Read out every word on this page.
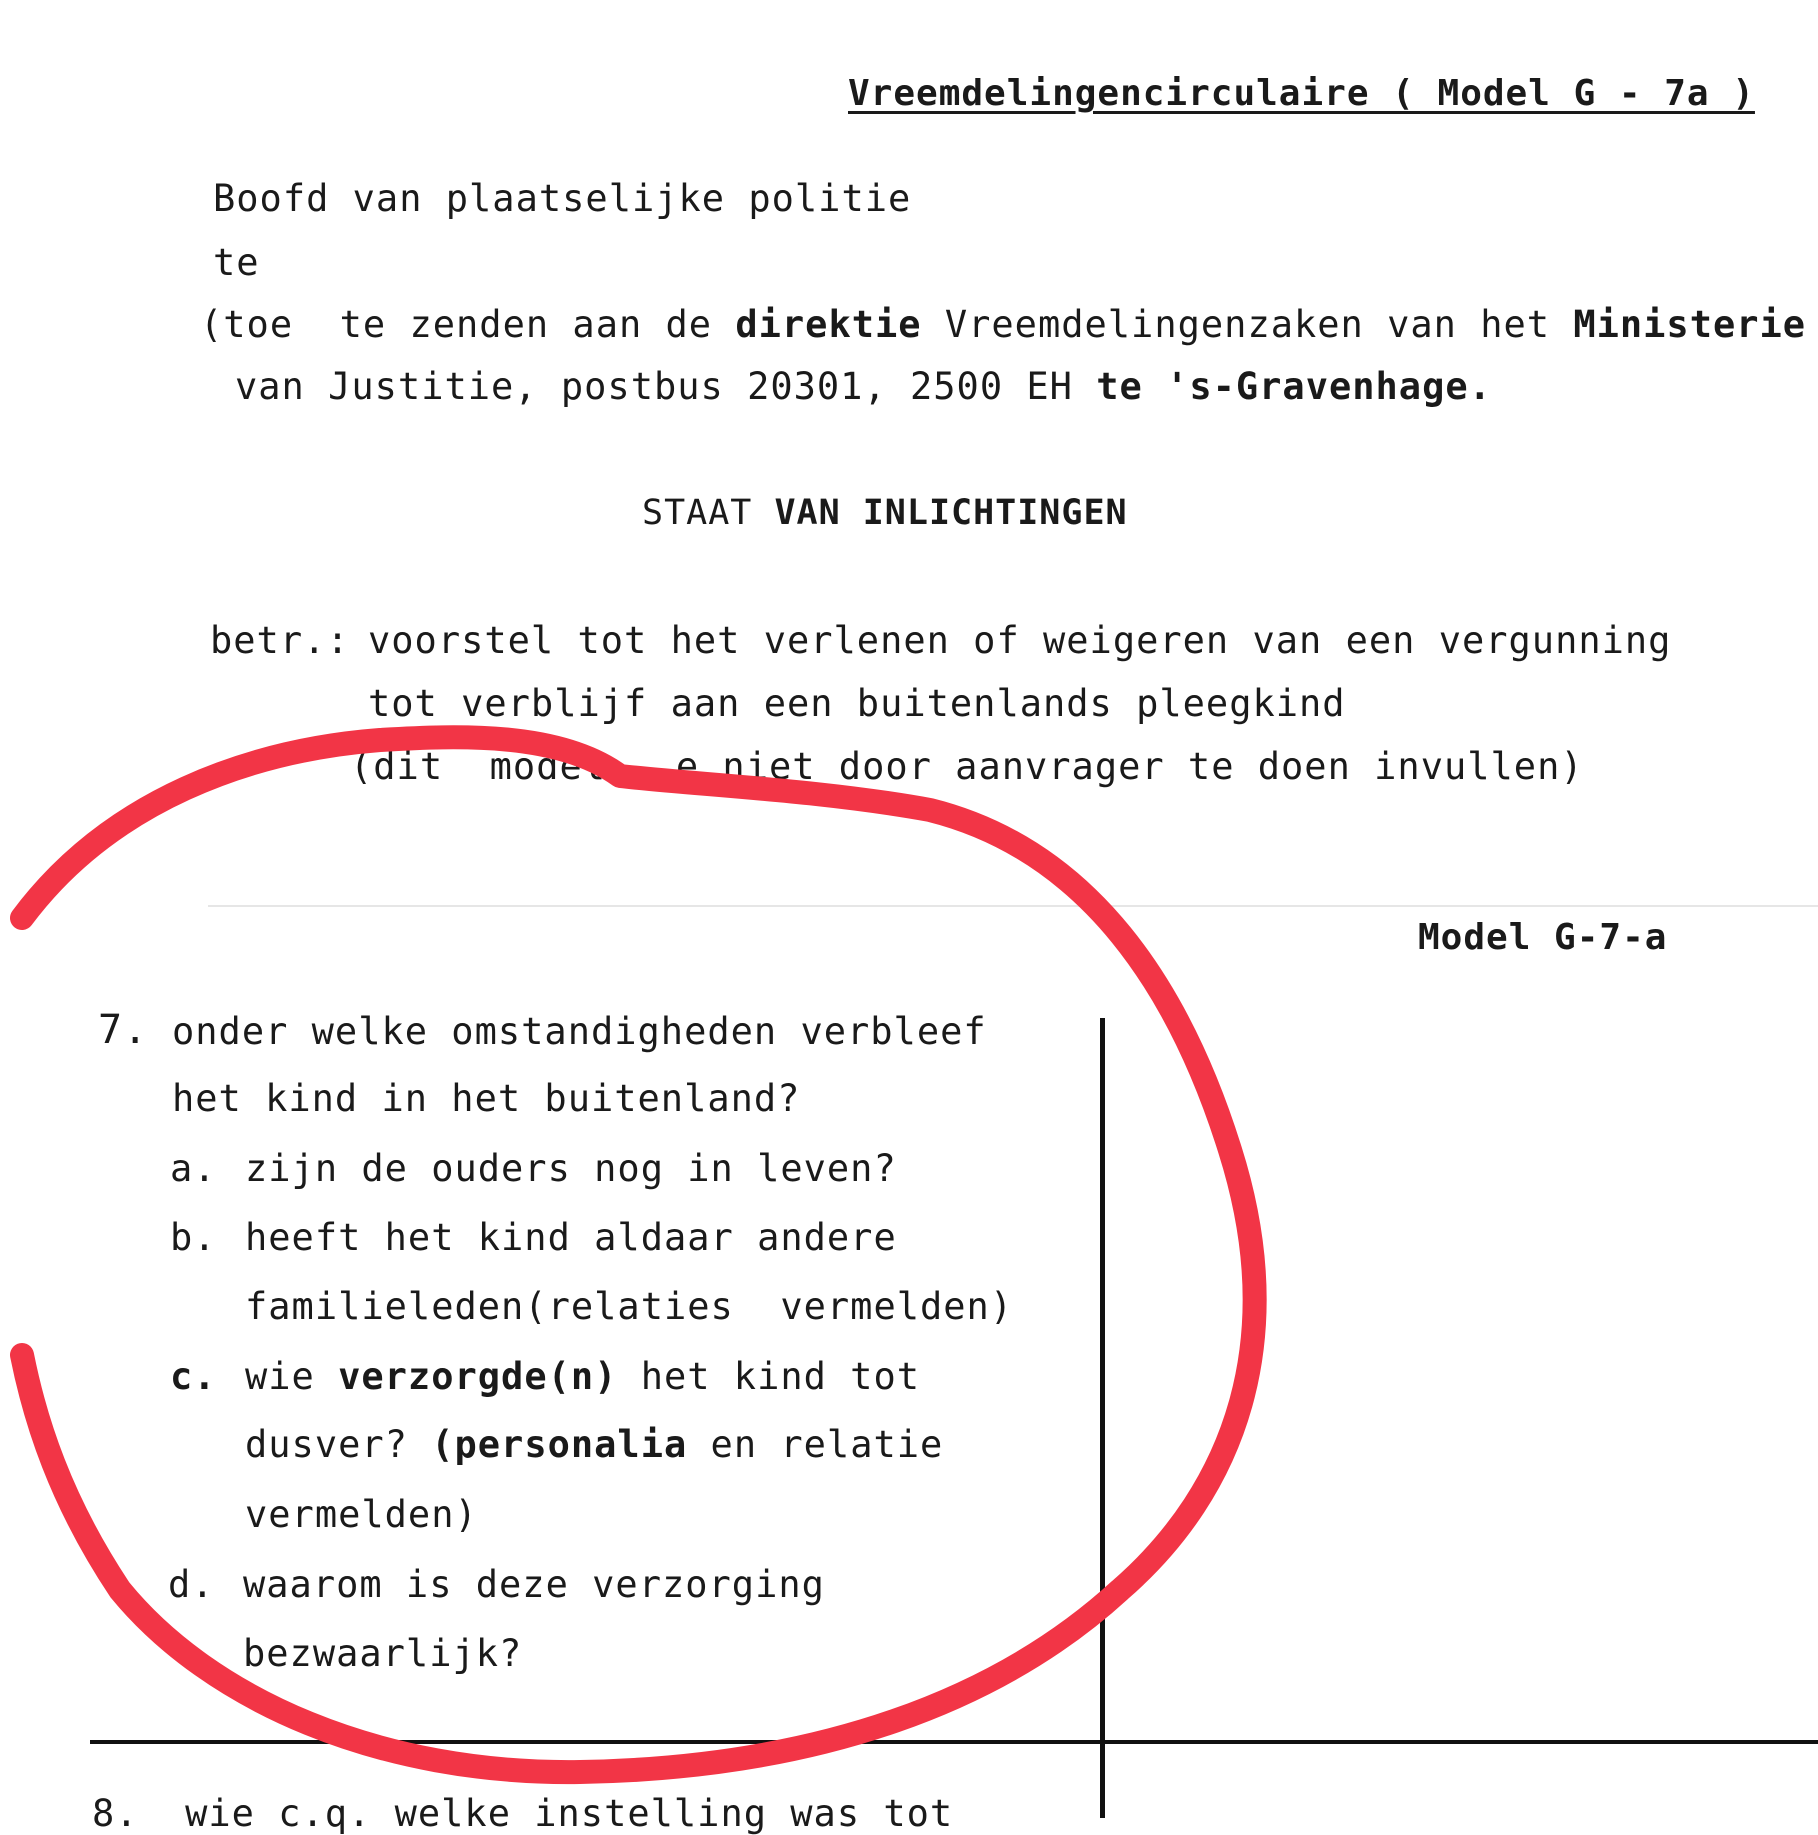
Vreemdelingencirculaire ( Model G - 7a )
Boofd van plaatselijke politie
te
(toe  te zenden aan de direktie Vreemdelingenzaken van het Ministerie
van Justitie, postbus 20301, 2500 EH te 's-Gravenhage.
STAAT VAN INLICHTINGEN
betr.: voorstel tot het verlenen of weigeren van een vergunning
tot verblijf aan een buitenlands pleegkind
(dit  model   e niet door aanvrager te doen invullen)
Model G-7-a
7. onder welke omstandigheden verbleef
het kind in het buitenland?
a. zijn de ouders nog in leven?
b. heeft het kind aldaar andere
familieleden(relaties  vermelden)
c. wie verzorgde(n) het kind tot
dusver? (personalia en relatie
vermelden)
d. waarom is deze verzorging
bezwaarlijk?
8.  wie c.q. welke instelling was tot
